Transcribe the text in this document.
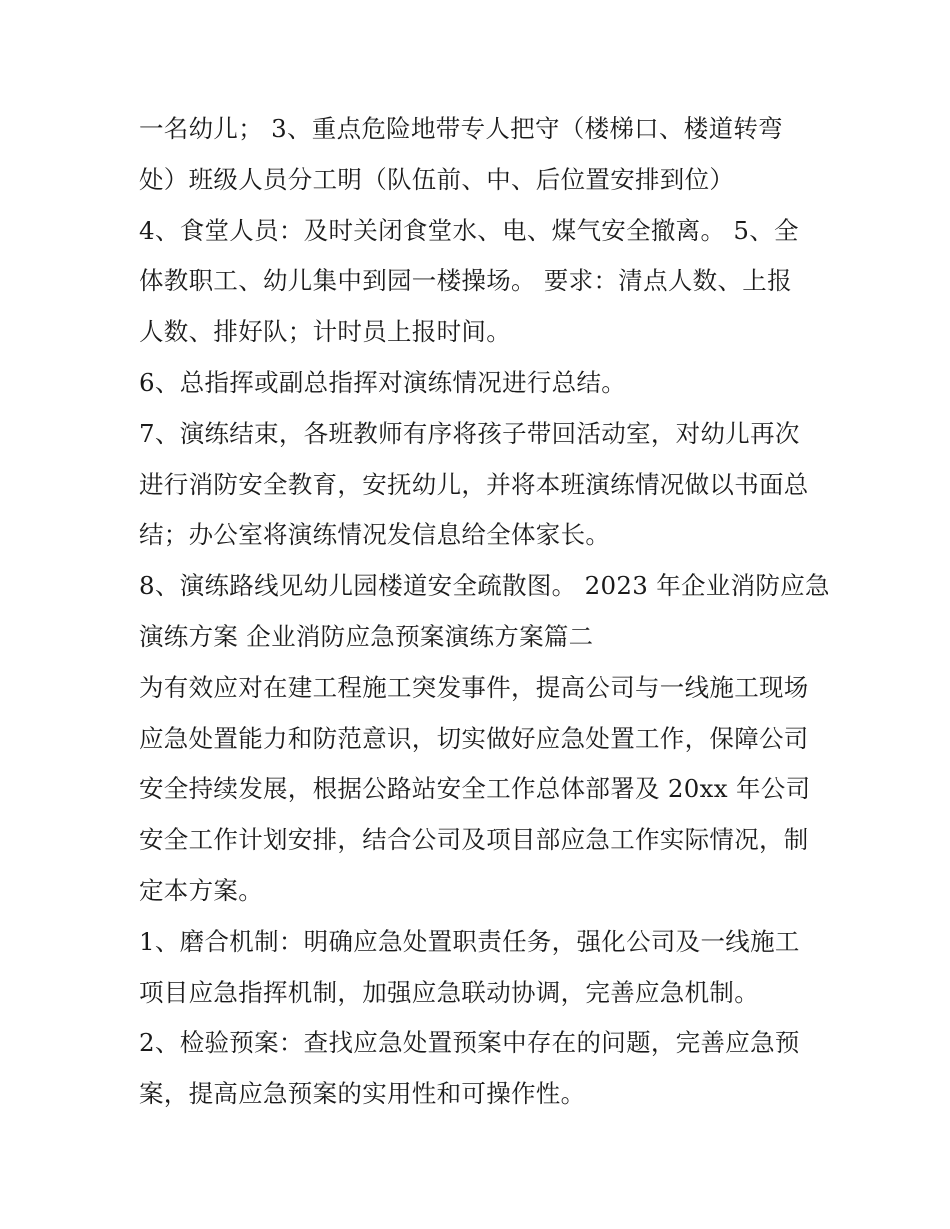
一名幼儿； 3、重点危险地带专人把守（楼梯口、楼道转弯
处）班级人员分工明（队伍前、中、后位置安排到位）
4、食堂人员：及时关闭食堂水、电、煤气安全撤离。 5、全
体教职工、幼儿集中到园一楼操场。 要求：清点人数、上报
人数、排好队；计时员上报时间。
6、总指挥或副总指挥对演练情况进行总结。
7、演练结束，各班教师有序将孩子带回活动室，对幼儿再次
进行消防安全教育，安抚幼儿，并将本班演练情况做以书面总
结；办公室将演练情况发信息给全体家长。
8、演练路线见幼儿园楼道安全疏散图。 2023 年企业消防应急
演练方案 企业消防应急预案演练方案篇二
为有效应对在建工程施工突发事件，提高公司与一线施工现场
应急处置能力和防范意识，切实做好应急处置工作，保障公司
安全持续发展，根据公路站安全工作总体部署及 20xx 年公司
安全工作计划安排，结合公司及项目部应急工作实际情况，制
定本方案。
1、磨合机制：明确应急处置职责任务，强化公司及一线施工
项目应急指挥机制，加强应急联动协调，完善应急机制。
2、检验预案：查找应急处置预案中存在的问题，完善应急预
案，提高应急预案的实用性和可操作性。
